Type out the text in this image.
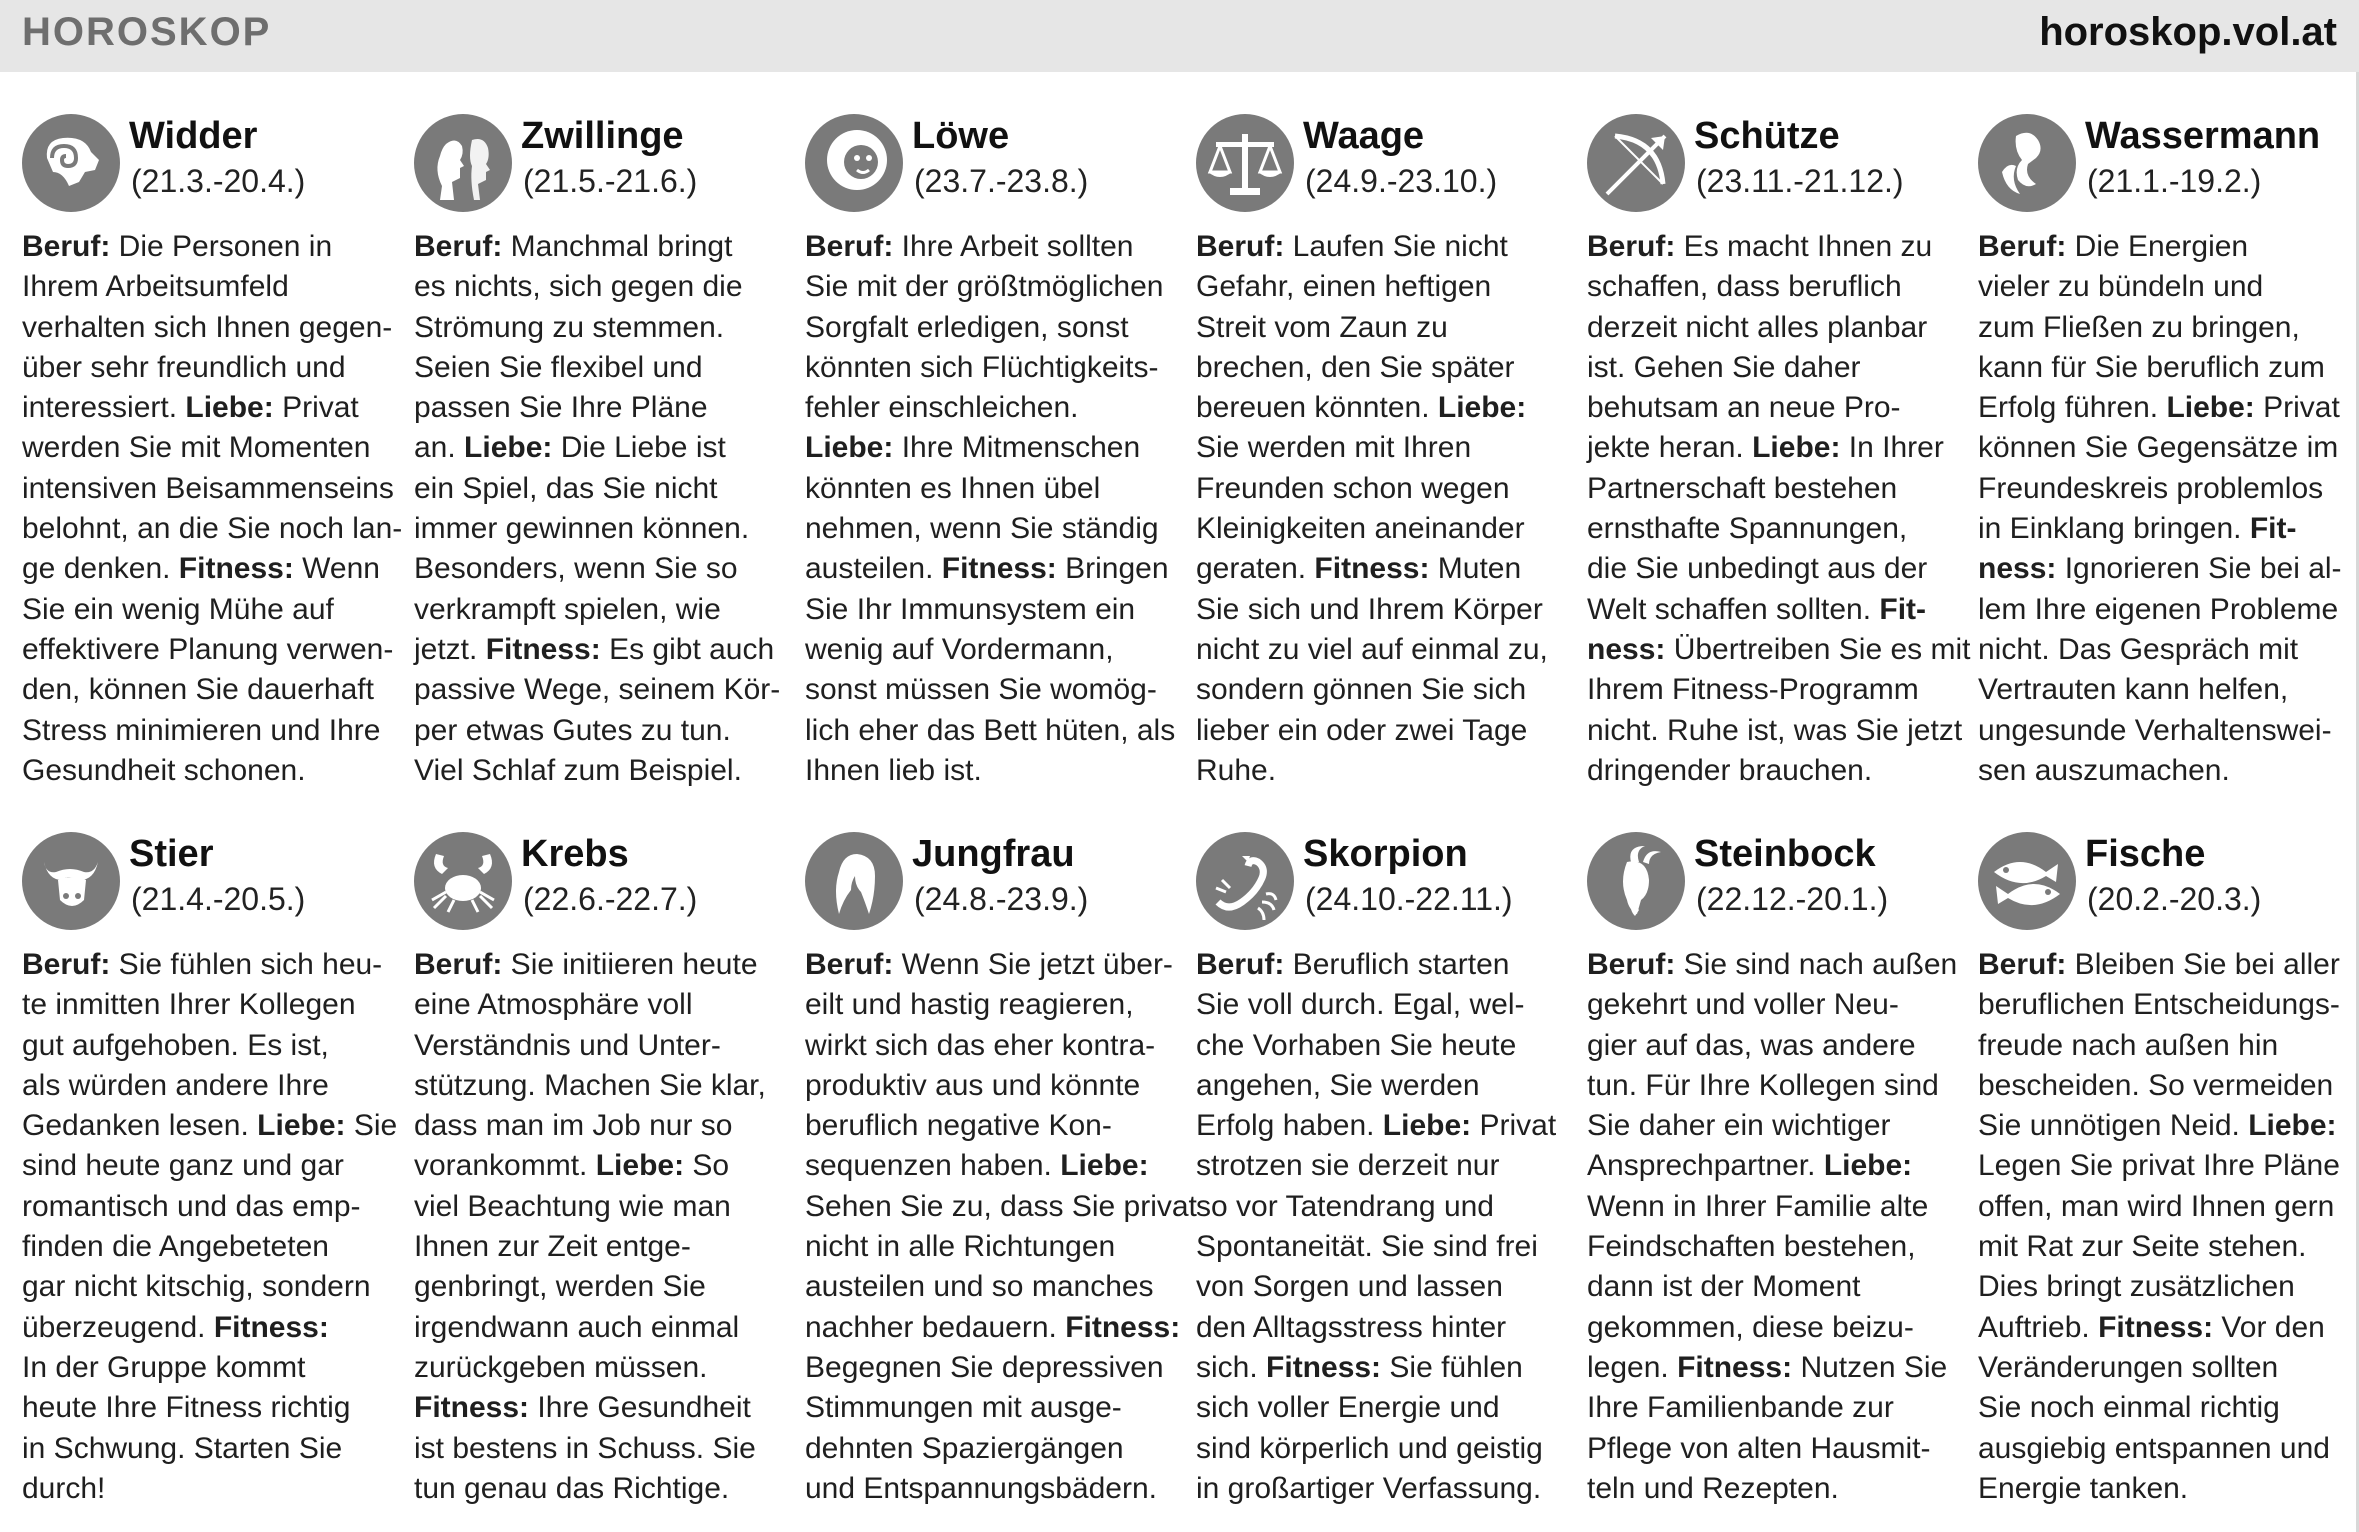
HOROSKOP	horoskop.vol.at
Widder
(21.3.-20.4.)
Beruf: Die Personen in
Ihrem Arbeitsumfeld
verhalten sich Ihnen gegen-
über sehr freundlich und
interessiert. Liebe: Privat
werden Sie mit Momenten
intensiven Beisammenseins
belohnt, an die Sie noch lan-
ge denken. Fitness: Wenn
Sie ein wenig Mühe auf
effektivere Planung verwen-
den, können Sie dauerhaft
Stress minimieren und Ihre
Gesundheit schonen.
Zwillinge
(21.5.-21.6.)
Beruf: Manchmal bringt
es nichts, sich gegen die
Strömung zu stemmen.
Seien Sie flexibel und
passen Sie Ihre Pläne
an. Liebe: Die Liebe ist
ein Spiel, das Sie nicht
immer gewinnen können.
Besonders, wenn Sie so
verkrampft spielen, wie
jetzt. Fitness: Es gibt auch
passive Wege, seinem Kör-
per etwas Gutes zu tun.
Viel Schlaf zum Beispiel.
Löwe
(23.7.-23.8.)
Beruf: Ihre Arbeit sollten
Sie mit der größtmöglichen
Sorgfalt erledigen, sonst
könnten sich Flüchtigkeits-
fehler einschleichen.
Liebe: Ihre Mitmenschen
könnten es Ihnen übel
nehmen, wenn Sie ständig
austeilen. Fitness: Bringen
Sie Ihr Immunsystem ein
wenig auf Vordermann,
sonst müssen Sie womög-
lich eher das Bett hüten, als
Ihnen lieb ist.
Waage
(24.9.-23.10.)
Beruf: Laufen Sie nicht
Gefahr, einen heftigen
Streit vom Zaun zu
brechen, den Sie später
bereuen könnten. Liebe:
Sie werden mit Ihren
Freunden schon wegen
Kleinigkeiten aneinander
geraten. Fitness: Muten
Sie sich und Ihrem Körper
nicht zu viel auf einmal zu,
sondern gönnen Sie sich
lieber ein oder zwei Tage
Ruhe.
Schütze
(23.11.-21.12.)
Beruf: Es macht Ihnen zu
schaffen, dass beruflich
derzeit nicht alles planbar
ist. Gehen Sie daher
behutsam an neue Pro-
jekte heran. Liebe: In Ihrer
Partnerschaft bestehen
ernsthafte Spannungen,
die Sie unbedingt aus der
Welt schaffen sollten. Fit-
ness: Übertreiben Sie es mit
Ihrem Fitness-Programm
nicht. Ruhe ist, was Sie jetzt
dringender brauchen.
Wassermann
(21.1.-19.2.)
Beruf: Die Energien
vieler zu bündeln und
zum Fließen zu bringen,
kann für Sie beruflich zum
Erfolg führen. Liebe: Privat
können Sie Gegensätze im
Freundeskreis problemlos
in Einklang bringen. Fit-
ness: Ignorieren Sie bei al-
lem Ihre eigenen Probleme
nicht. Das Gespräch mit
Vertrauten kann helfen,
ungesunde Verhaltenswei-
sen auszumachen.
Stier
(21.4.-20.5.)
Beruf: Sie fühlen sich heu-
te inmitten Ihrer Kollegen
gut aufgehoben. Es ist,
als würden andere Ihre
Gedanken lesen. Liebe: Sie
sind heute ganz und gar
romantisch und das emp-
finden die Angebeteten
gar nicht kitschig, sondern
überzeugend. Fitness:
In der Gruppe kommt
heute Ihre Fitness richtig
in Schwung. Starten Sie
durch!
Krebs
(22.6.-22.7.)
Beruf: Sie initiieren heute
eine Atmosphäre voll
Verständnis und Unter-
stützung. Machen Sie klar,
dass man im Job nur so
vorankommt. Liebe: So
viel Beachtung wie man
Ihnen zur Zeit entge-
genbringt, werden Sie
irgendwann auch einmal
zurückgeben müssen.
Fitness: Ihre Gesundheit
ist bestens in Schuss. Sie
tun genau das Richtige.
Jungfrau
(24.8.-23.9.)
Beruf: Wenn Sie jetzt über-
eilt und hastig reagieren,
wirkt sich das eher kontra-
produktiv aus und könnte
beruflich negative Kon-
sequenzen haben. Liebe:
Sehen Sie zu, dass Sie privat
nicht in alle Richtungen
austeilen und so manches
nachher bedauern. Fitness:
Begegnen Sie depressiven
Stimmungen mit ausge-
dehnten Spaziergängen
und Entspannungsbädern.
Skorpion
(24.10.-22.11.)
Beruf: Beruflich starten
Sie voll durch. Egal, wel-
che Vorhaben Sie heute
angehen, Sie werden
Erfolg haben. Liebe: Privat
strotzen sie derzeit nur
so vor Tatendrang und
Spontaneität. Sie sind frei
von Sorgen und lassen
den Alltagsstress hinter
sich. Fitness: Sie fühlen
sich voller Energie und
sind körperlich und geistig
in großartiger Verfassung.
Steinbock
(22.12.-20.1.)
Beruf: Sie sind nach außen
gekehrt und voller Neu-
gier auf das, was andere
tun. Für Ihre Kollegen sind
Sie daher ein wichtiger
Ansprechpartner. Liebe:
Wenn in Ihrer Familie alte
Feindschaften bestehen,
dann ist der Moment
gekommen, diese beizu-
legen. Fitness: Nutzen Sie
Ihre Familienbande zur
Pflege von alten Hausmit-
teln und Rezepten.
Fische
(20.2.-20.3.)
Beruf: Bleiben Sie bei aller
beruflichen Entscheidungs-
freude nach außen hin
bescheiden. So vermeiden
Sie unnötigen Neid. Liebe:
Legen Sie privat Ihre Pläne
offen, man wird Ihnen gern
mit Rat zur Seite stehen.
Dies bringt zusätzlichen
Auftrieb. Fitness: Vor den
Veränderungen sollten
Sie noch einmal richtig
ausgiebig entspannen und
Energie tanken.
